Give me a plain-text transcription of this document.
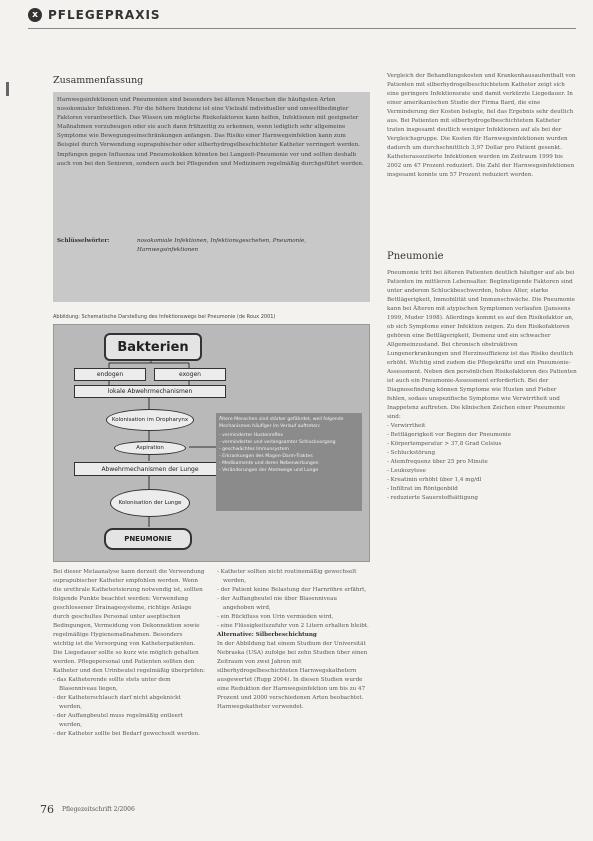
x PFLEGEPRAXIS
Zusammenfassung

Harnwegsinfektionen und Pneumonien sind besonders bei älteren Menschen die häufigsten Arten nosokomialer Infektionen. Für die höhere Inzidenz ist eine Vielzahl individueller und umweltbedingter Faktoren verantwortlich. Das Wissen um mögliche Risikofaktoren kann helfen, Infektionen mit geeigneter Maßnahmen vorzubeugen oder sie auch dann frühzeitig zu erkennen, wenn lediglich sehr allgemeine Symptome wie Bewegungseinschränkungen anfangen. Das Risiko einer Harnwegsinfektion kann zum Beispiel durch Verwendung suprapubischer oder silberhydrogelbeschichteter Katheter verringert werden. Impfungen gegen Influenza und Pneumokokken könnten bei Langzeit-Pneumonie vor und sollten deshalb auch von bei den Senioren, sondern auch bei Pflegenden und Medizinern regelmäßig durchgeführt werden.

Schlüsselwörter:	nosokomiale Infektionen, Infektionsgeschehen, Pneumonie, Harnwegsinfektionen
Abbildung: Schematische Darstellung des Infektionswegs bei Pneumonie (de Roux 2001)
Bakterien
endogen	exogen
lokale Abwehrmechanismen
Kolonisation im Oropharynx
Aspiration
Abwehrmechanismen der Lunge
Kolonisation der Lunge
PNEUMONIE
Ältere Menschen sind stärker gefährdet, weil folgende Mechanismen häufiger im Verlauf auftreten:
- verminderter Hustenreflex
- verminderter und verlangsamter Schluckvorgang
- geschwächtes Immunsystem
- Erkrankungen des Magen-Darm-Traktes
- Medikamente und deren Nebenwirkungen
- Veränderungen der Atemwege und Lunge

Vergleich der Behandlungskosten und Krankenhausaufenthalt von Patienten mit silberhydrogelbeschichtetem Katheter zeigt sich eine geringere Infektionsrate und damit verkürzte Liegedauer. In einer amerikanischen Studie der Firma Bard, die eine Verminderung der Kosten belegte, fiel das Ergebnis sehr deutlich aus. Bei Patienten mit silberhydrogelbeschichtetem Katheter traten insgesamt deutlich weniger Infektionen auf als bei der Vergleichsgruppe. Die Kosten für Harnwegsinfektionen wurden dadurch um durchschnittlich 3,97 Dollar pro Patient gesenkt. Katheterassoziierte Infektionen wurden im Zeitraum 1999 bis 2002 um 47 Prozent reduziert. Die Zahl der Harnwegsinfektionen insgesamt konnte um 57 Prozent reduziert werden.

Pneumonie

Pneumonie tritt bei älteren Patienten deutlich häufiger auf als bei Patienten im mittleren Lebensalter. Begünstigende Faktoren sind unter anderem Schluckbeschwerden, hohes Alter, starke Bettlägerigkeit, Immobilität und Immunschwäche. Die Pneumonie kann bei Älteren mit atypischen Symptomen verlaufen (Janssens 1999, Muder 1998). Allerdings kommt es auf den Risikofaktor an, ob sich Symptome einer Infektion zeigen. Zu den Risikofaktoren gehören eine Bettlägerigkeit, Demenz und ein schwacher Allgemeinzustand. Bei chronisch obstruktiven Lungenerkrankungen und Herzinsuffizienz ist das Risiko deutlich erhöht. Wichtig sind zudem die Pflegekräfte und ein Pneumonie-Assessment. Neben den persönlichen Risikofaktoren des Patienten ist auch ein Pneumonie-Assessment erforderlich. Bei der Diagnosefindung können Symptome wie Husten und Fieber fehlen, sodass unspezifische Symptome wie Verwirrtheit und Inappetenz auftreten. Die klinischen Zeichen einer Pneumonie sind:

- Verwirrtheit

- Bettlägerigkeit vor Beginn der Pneumonie

- Körpertemperatur > 37,8 Grad Celsius

- Schluckstörung

- Atemfrequenz über 25 pro Minute

- Leukozytose

- Kreatinin erhöht über 1,4 mg/dl

- Infiltrat im Röntgenbild

- reduzierte Sauerstoffsättigung

Bei dieser Metaanalyse kann derzeit die Verwendung suprapubischer Katheter empfohlen werden. Wenn die urethrale Katheterisierung notwendig ist, sollten folgende Punkte beachtet werden: Verwendung geschlossener Drainagesysteme, richtige Anlage durch geschultes Personal unter aseptischen Bedingungen, Vermeidung von Dekonnektion sowie regelmäßige Hygienemaßnahmen. Besonders wichtig ist die Versorgung von Katheterpatienten. Die Liegedauer sollte so kurz wie möglich gehalten werden. Pflegepersonal und Patienten sollten den Katheter und den Urinbeutel regelmäßig überprüfen:

- das Katheterende sollte stets unter dem Blasenniveau liegen,

- der Katheterschlauch darf nicht abgeknickt werden,

- der Auffangbeutel muss regelmäßig entleert werden,

- der Katheter sollte bei Bedarf gewechselt werden.

- Katheter sollten nicht routinemäßig gewechselt werden,

- der Patient keine Belastung der Harnröhre erfährt,

- der Auffangbeutel nie über Blasenniveau angehoben wird,

- ein Rückfluss von Urin vermieden wird,

- eine Flüssigkeitszufuhr von 2 Litern erhalten bleibt.

Alternative: Silberbeschichtung

In der Abbildung hat einem Studium der Universität Nebraska (USA) zufolge bei zehn Studien über einen Zeitraum von zwei Jahren mit silberhydrogelbeschichteten Harnwegskathetern ausgewertet (Rupp 2004). In diesen Studien wurde eine Reduktion der Harnwegsinfektion um bis zu 47 Prozent und 2000 verschiedenen Arten beobachtet. Harnwegskatheter verwendet.

76 Pflegezeitschrift 2/2006
